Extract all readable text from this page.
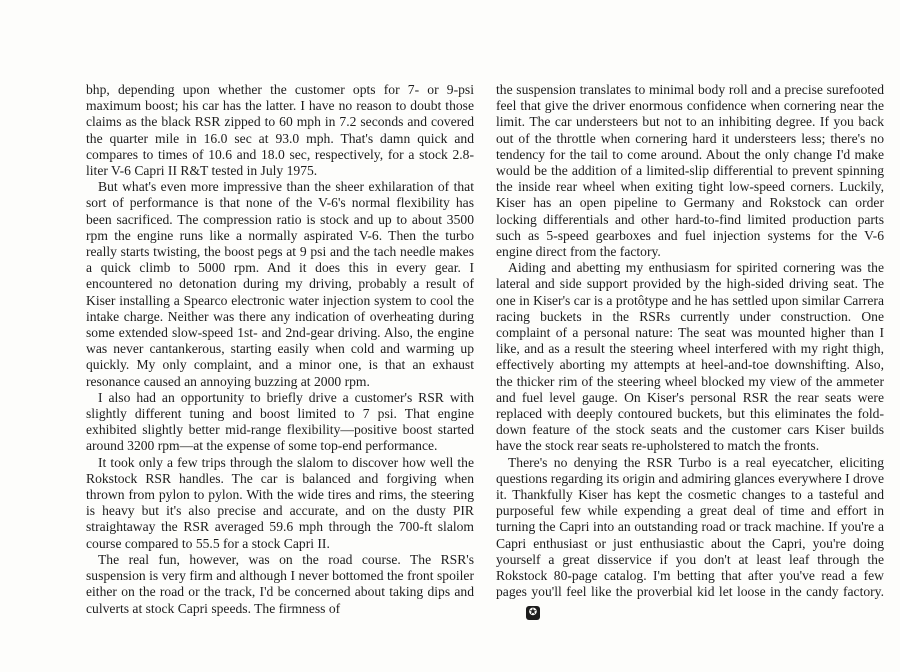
bhp, depending upon whether the customer opts for 7- or 9-psi maximum boost; his car has the latter. I have no reason to doubt those claims as the black RSR zipped to 60 mph in 7.2 seconds and covered the quarter mile in 16.0 sec at 93.0 mph. That's damn quick and compares to times of 10.6 and 18.0 sec, respectively, for a stock 2.8-liter V-6 Capri II R&T tested in July 1975.

But what's even more impressive than the sheer exhilaration of that sort of performance is that none of the V-6's normal flexibility has been sacrificed. The compression ratio is stock and up to about 3500 rpm the engine runs like a normally aspirated V-6. Then the turbo really starts twisting, the boost pegs at 9 psi and the tach needle makes a quick climb to 5000 rpm. And it does this in every gear. I encountered no detonation during my driving, probably a result of Kiser installing a Spearco electronic water injection system to cool the intake charge. Neither was there any indication of overheating during some extended slow-speed 1st- and 2nd-gear driving. Also, the engine was never cantankerous, starting easily when cold and warming up quickly. My only complaint, and a minor one, is that an exhaust resonance caused an annoying buzzing at 2000 rpm.

I also had an opportunity to briefly drive a customer's RSR with slightly different tuning and boost limited to 7 psi. That engine exhibited slightly better mid-range flexibility—positive boost started around 3200 rpm—at the expense of some top-end performance.

It took only a few trips through the slalom to discover how well the Rokstock RSR handles. The car is balanced and forgiving when thrown from pylon to pylon. With the wide tires and rims, the steering is heavy but it's also precise and accurate, and on the dusty PIR straightaway the RSR averaged 59.6 mph through the 700-ft slalom course compared to 55.5 for a stock Capri II.

The real fun, however, was on the road course. The RSR's suspension is very firm and although I never bottomed the front spoiler either on the road or the track, I'd be concerned about taking dips and culverts at stock Capri speeds. The firmness of

the suspension translates to minimal body roll and a precise surefooted feel that give the driver enormous confidence when cornering near the limit. The car understeers but not to an inhibiting degree. If you back out of the throttle when cornering hard it understeers less; there's no tendency for the tail to come around. About the only change I'd make would be the addition of a limited-slip differential to prevent spinning the inside rear wheel when exiting tight low-speed corners. Luckily, Kiser has an open pipeline to Germany and Rokstock can order locking differentials and other hard-to-find limited production parts such as 5-speed gearboxes and fuel injection systems for the V-6 engine direct from the factory.

Aiding and abetting my enthusiasm for spirited cornering was the lateral and side support provided by the high-sided driving seat. The one in Kiser's car is a protôtype and he has settled upon similar Carrera racing buckets in the RSRs currently under construction. One complaint of a personal nature: The seat was mounted higher than I like, and as a result the steering wheel interfered with my right thigh, effectively aborting my attempts at heel-and-toe downshifting. Also, the thicker rim of the steering wheel blocked my view of the ammeter and fuel level gauge. On Kiser's personal RSR the rear seats were replaced with deeply contoured buckets, but this eliminates the fold-down feature of the stock seats and the customer cars Kiser builds have the stock rear seats re-upholstered to match the fronts.

There's no denying the RSR Turbo is a real eyecatcher, eliciting questions regarding its origin and admiring glances everywhere I drove it. Thankfully Kiser has kept the cosmetic changes to a tasteful and purposeful few while expending a great deal of time and effort in turning the Capri into an outstanding road or track machine. If you're a Capri enthusiast or just enthusiastic about the Capri, you're doing yourself a great disservice if you don't at least leaf through the Rokstock 80-page catalog. I'm betting that after you've read a few pages you'll feel like the proverbial kid let loose in the candy factory.✪
